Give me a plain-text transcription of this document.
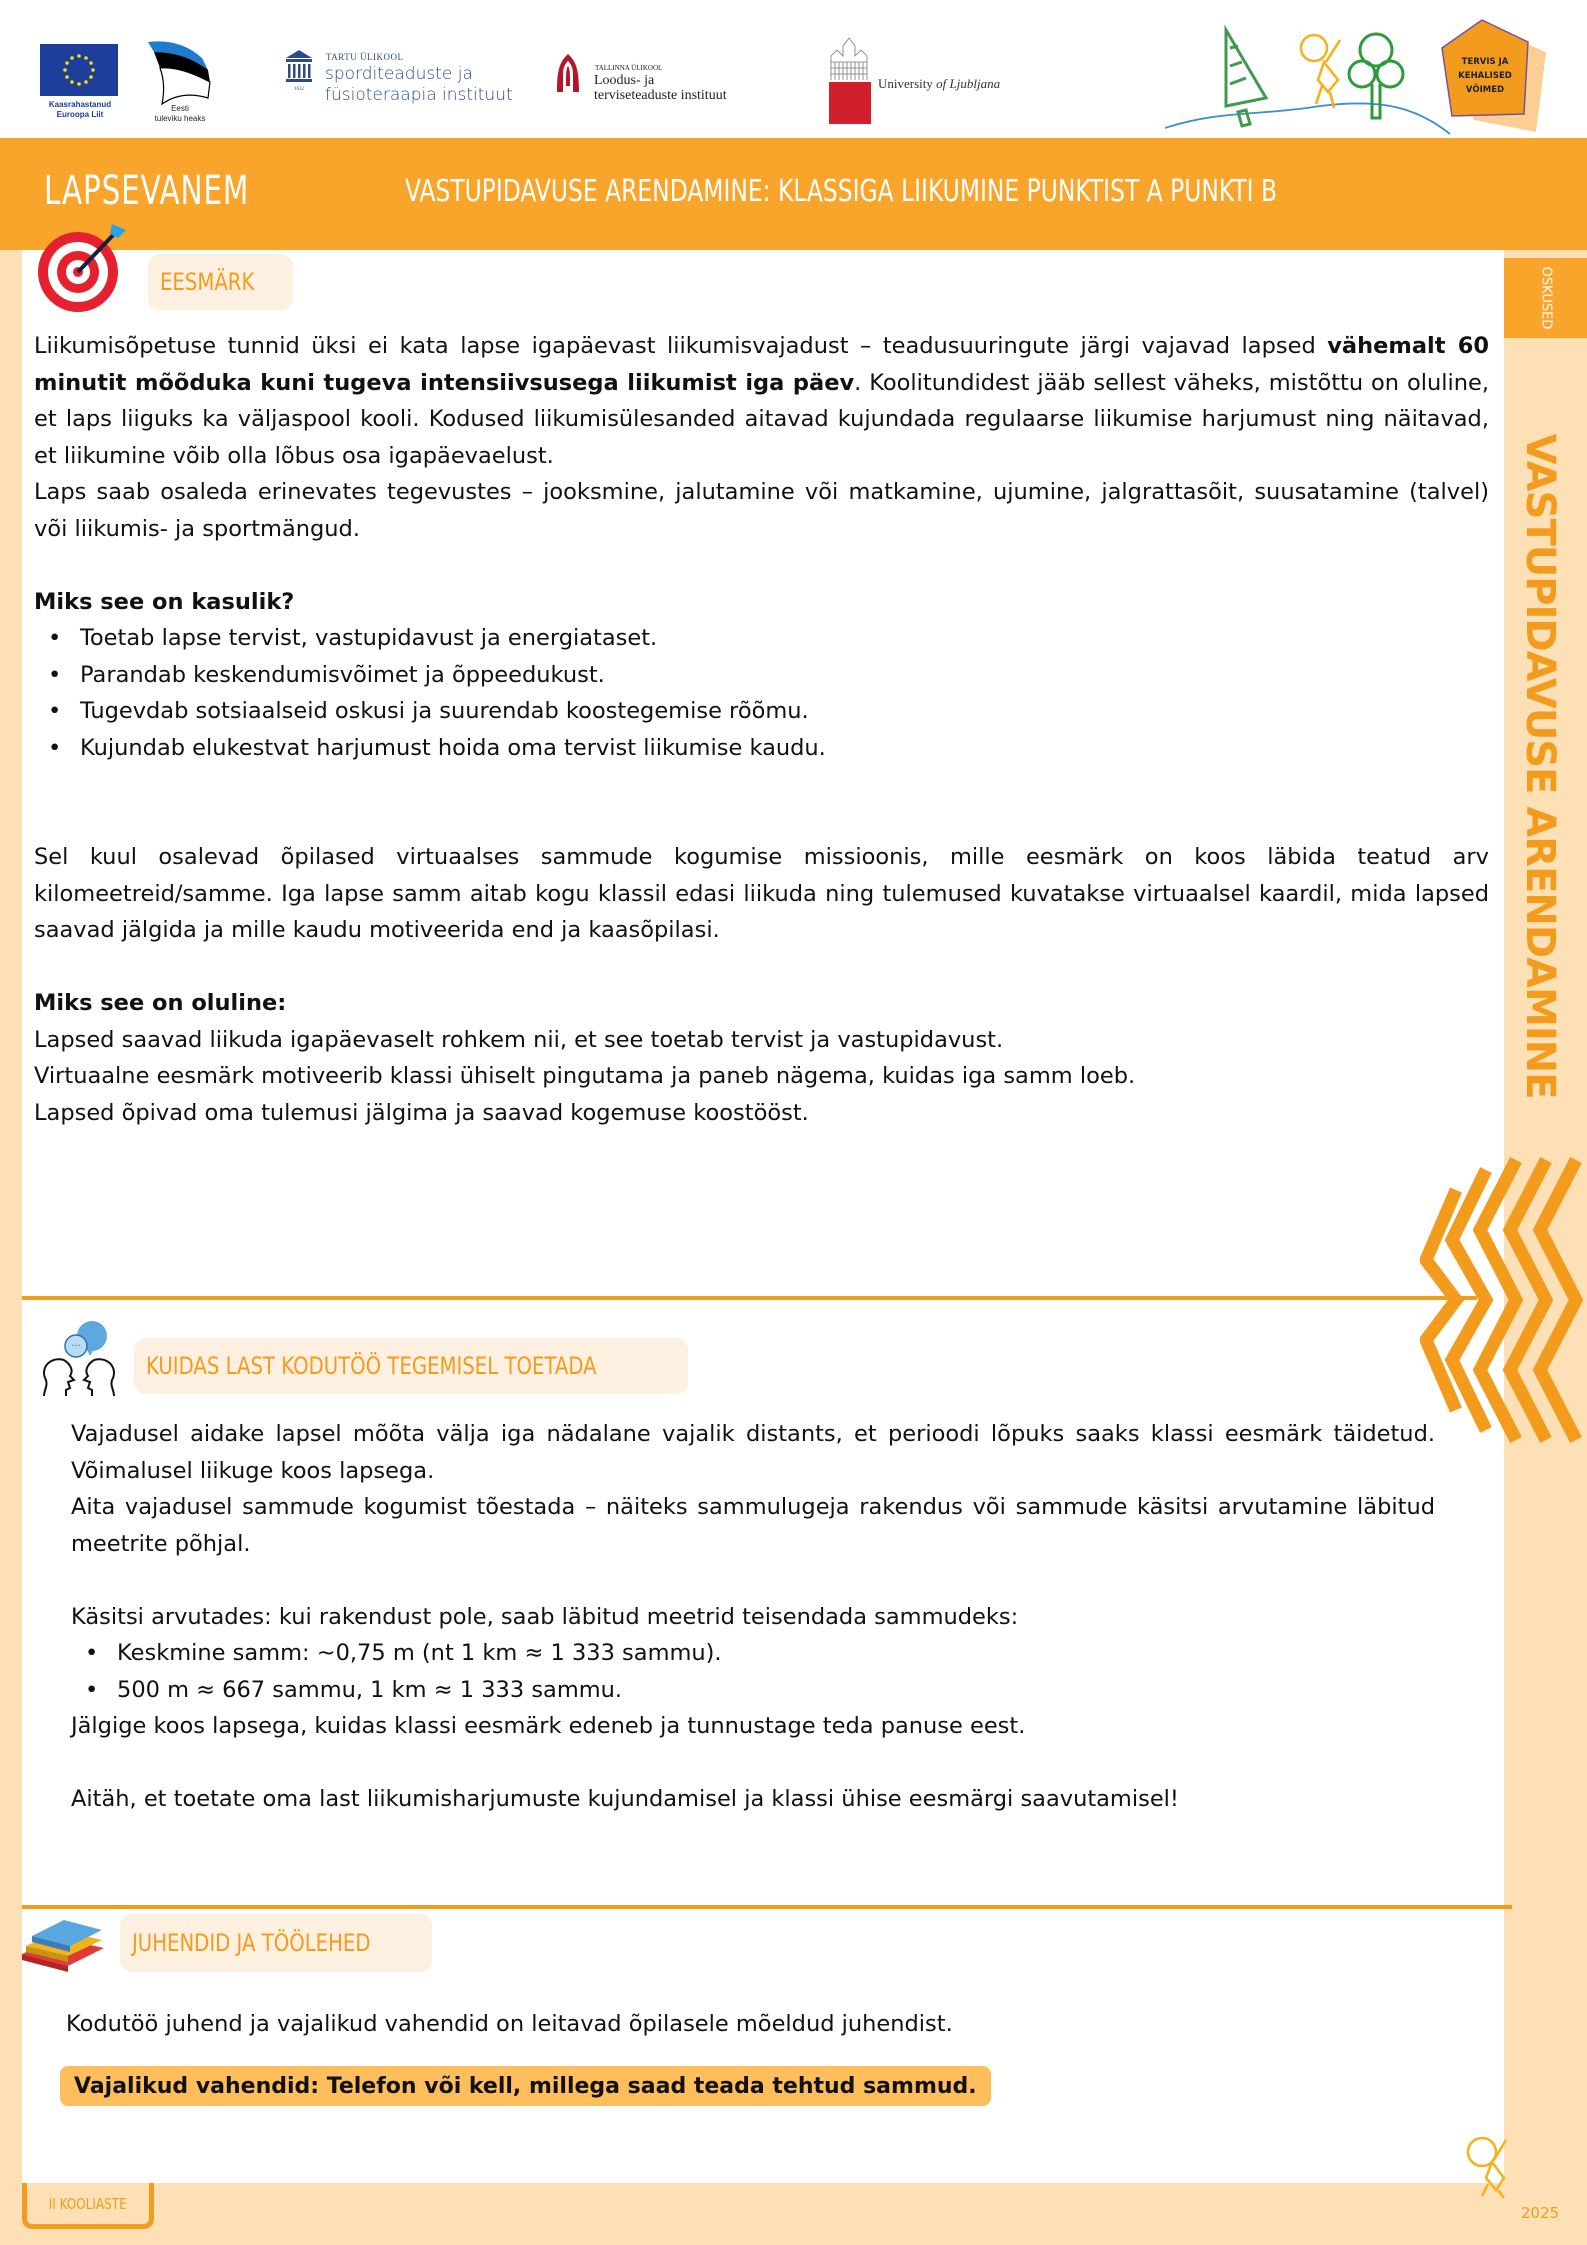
Kaasrahastanud
Euroopa Liit
Eesti
tuleviku heaks
1632
TARTU ÜLIKOOL
sporditeaduste ja
füsioteraapia instituut
TALLINNA ÜLIKOOL
Loodus- ja
terviseteaduste instituut
University of Ljubljana
TERVIS JA
KEHALISED
VÕIMED
LAPSEVANEM	VASTUPIDAVUSE ARENDAMINE: KLASSIGA LIIKUMINE PUNKTIST A PUNKTI B
OSKUSED
VASTUPIDAVUSE ARENDAMINE
EESMÄRK

Liikumisõpetuse tunnid üksi ei kata lapse igapäevast liikumisvajadust – teadusuuringute järgi vajavad lapsed vähemalt 60 minutit mõõduka kuni tugeva intensiivsusega liikumist iga päev. Koolitundidest jääb sellest väheks, mistõttu on oluline, et laps liiguks ka väljaspool kooli. Kodused liikumisülesanded aitavad kujundada regulaarse liikumise harjumust ning näitavad, et liikumine võib olla lõbus osa igapäevaelust.

Laps saab osaleda erinevates tegevustes – jooksmine, jalutamine või matkamine, ujumine, jalgrattasõit, suusatamine (talvel) või liikumis- ja sportmängud.

Miks see on kasulik?

• Toetab lapse tervist, vastupidavust ja energiataset.
• Parandab keskendumisvõimet ja õppeedukust.
• Tugevdab sotsiaalseid oskusi ja suurendab koostegemise rõõmu.
• Kujundab elukestvat harjumust hoida oma tervist liikumise kaudu.

Sel kuul osalevad õpilased virtuaalses sammude kogumise missioonis, mille eesmärk on koos läbida teatud arv kilomeetreid/samme. Iga lapse samm aitab kogu klassil edasi liikuda ning tulemused kuvatakse virtuaalsel kaardil, mida lapsed saavad jälgida ja mille kaudu motiveerida end ja kaasõpilasi.

Miks see on oluline:

Lapsed saavad liikuda igapäevaselt rohkem nii, et see toetab tervist ja vastupidavust.

Virtuaalne eesmärk motiveerib klassi ühiselt pingutama ja paneb nägema, kuidas iga samm loeb.

Lapsed õpivad oma tulemusi jälgima ja saavad kogemuse koostööst.

···
KUIDAS LAST KODUTÖÖ TEGEMISEL TOETADA

Vajadusel aidake lapsel mõõta välja iga nädalane vajalik distants, et perioodi lõpuks saaks klassi eesmärk täidetud. Võimalusel liikuge koos lapsega.

Aita vajadusel sammude kogumist tõestada – näiteks sammulugeja rakendus või sammude käsitsi arvutamine läbitud meetrite põhjal.

Käsitsi arvutades: kui rakendust pole, saab läbitud meetrid teisendada sammudeks:

• Keskmine samm: ~0,75 m (nt 1 km ≈ 1 333 sammu).
• 500 m ≈ 667 sammu, 1 km ≈ 1 333 sammu.

Jälgige koos lapsega, kuidas klassi eesmärk edeneb ja tunnustage teda panuse eest.

Aitäh, et toetate oma last liikumisharjumuste kujundamisel ja klassi ühise eesmärgi saavutamisel!

JUHENDID JA TÖÖLEHED
Kodutöö juhend ja vajalikud vahendid on leitavad õpilasele mõeldud juhendist.
Vajalikud vahendid: Telefon või kell, millega saad teada tehtud sammud.
II KOOLIASTE
2025
